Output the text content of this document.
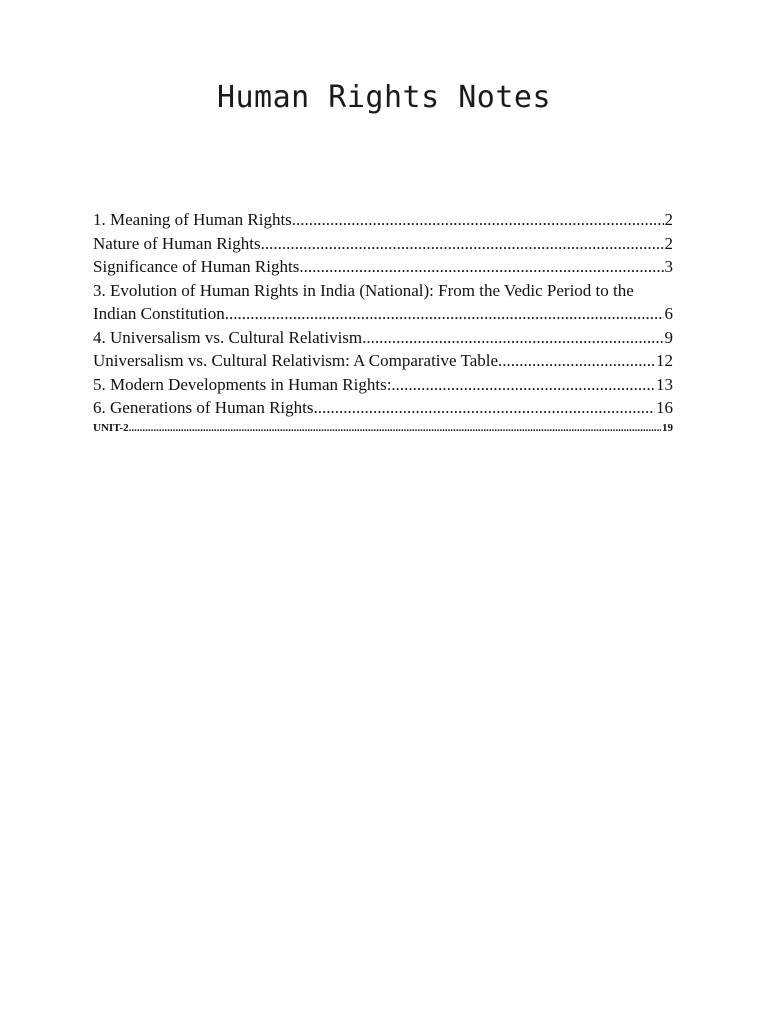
Human Rights Notes
1. Meaning of Human Rights .....	2
Nature of Human Rights .....	2
Significance of Human Rights .....	3
3. Evolution of Human Rights in India (National): From the Vedic Period to the
Indian Constitution .....	6
4. Universalism vs. Cultural Relativism .....	9
Universalism vs. Cultural Relativism: A Comparative Table .....	12
5. Modern Developments in Human Rights: .....	13
6. Generations of Human Rights .....	16
UNIT-2 .....	19
